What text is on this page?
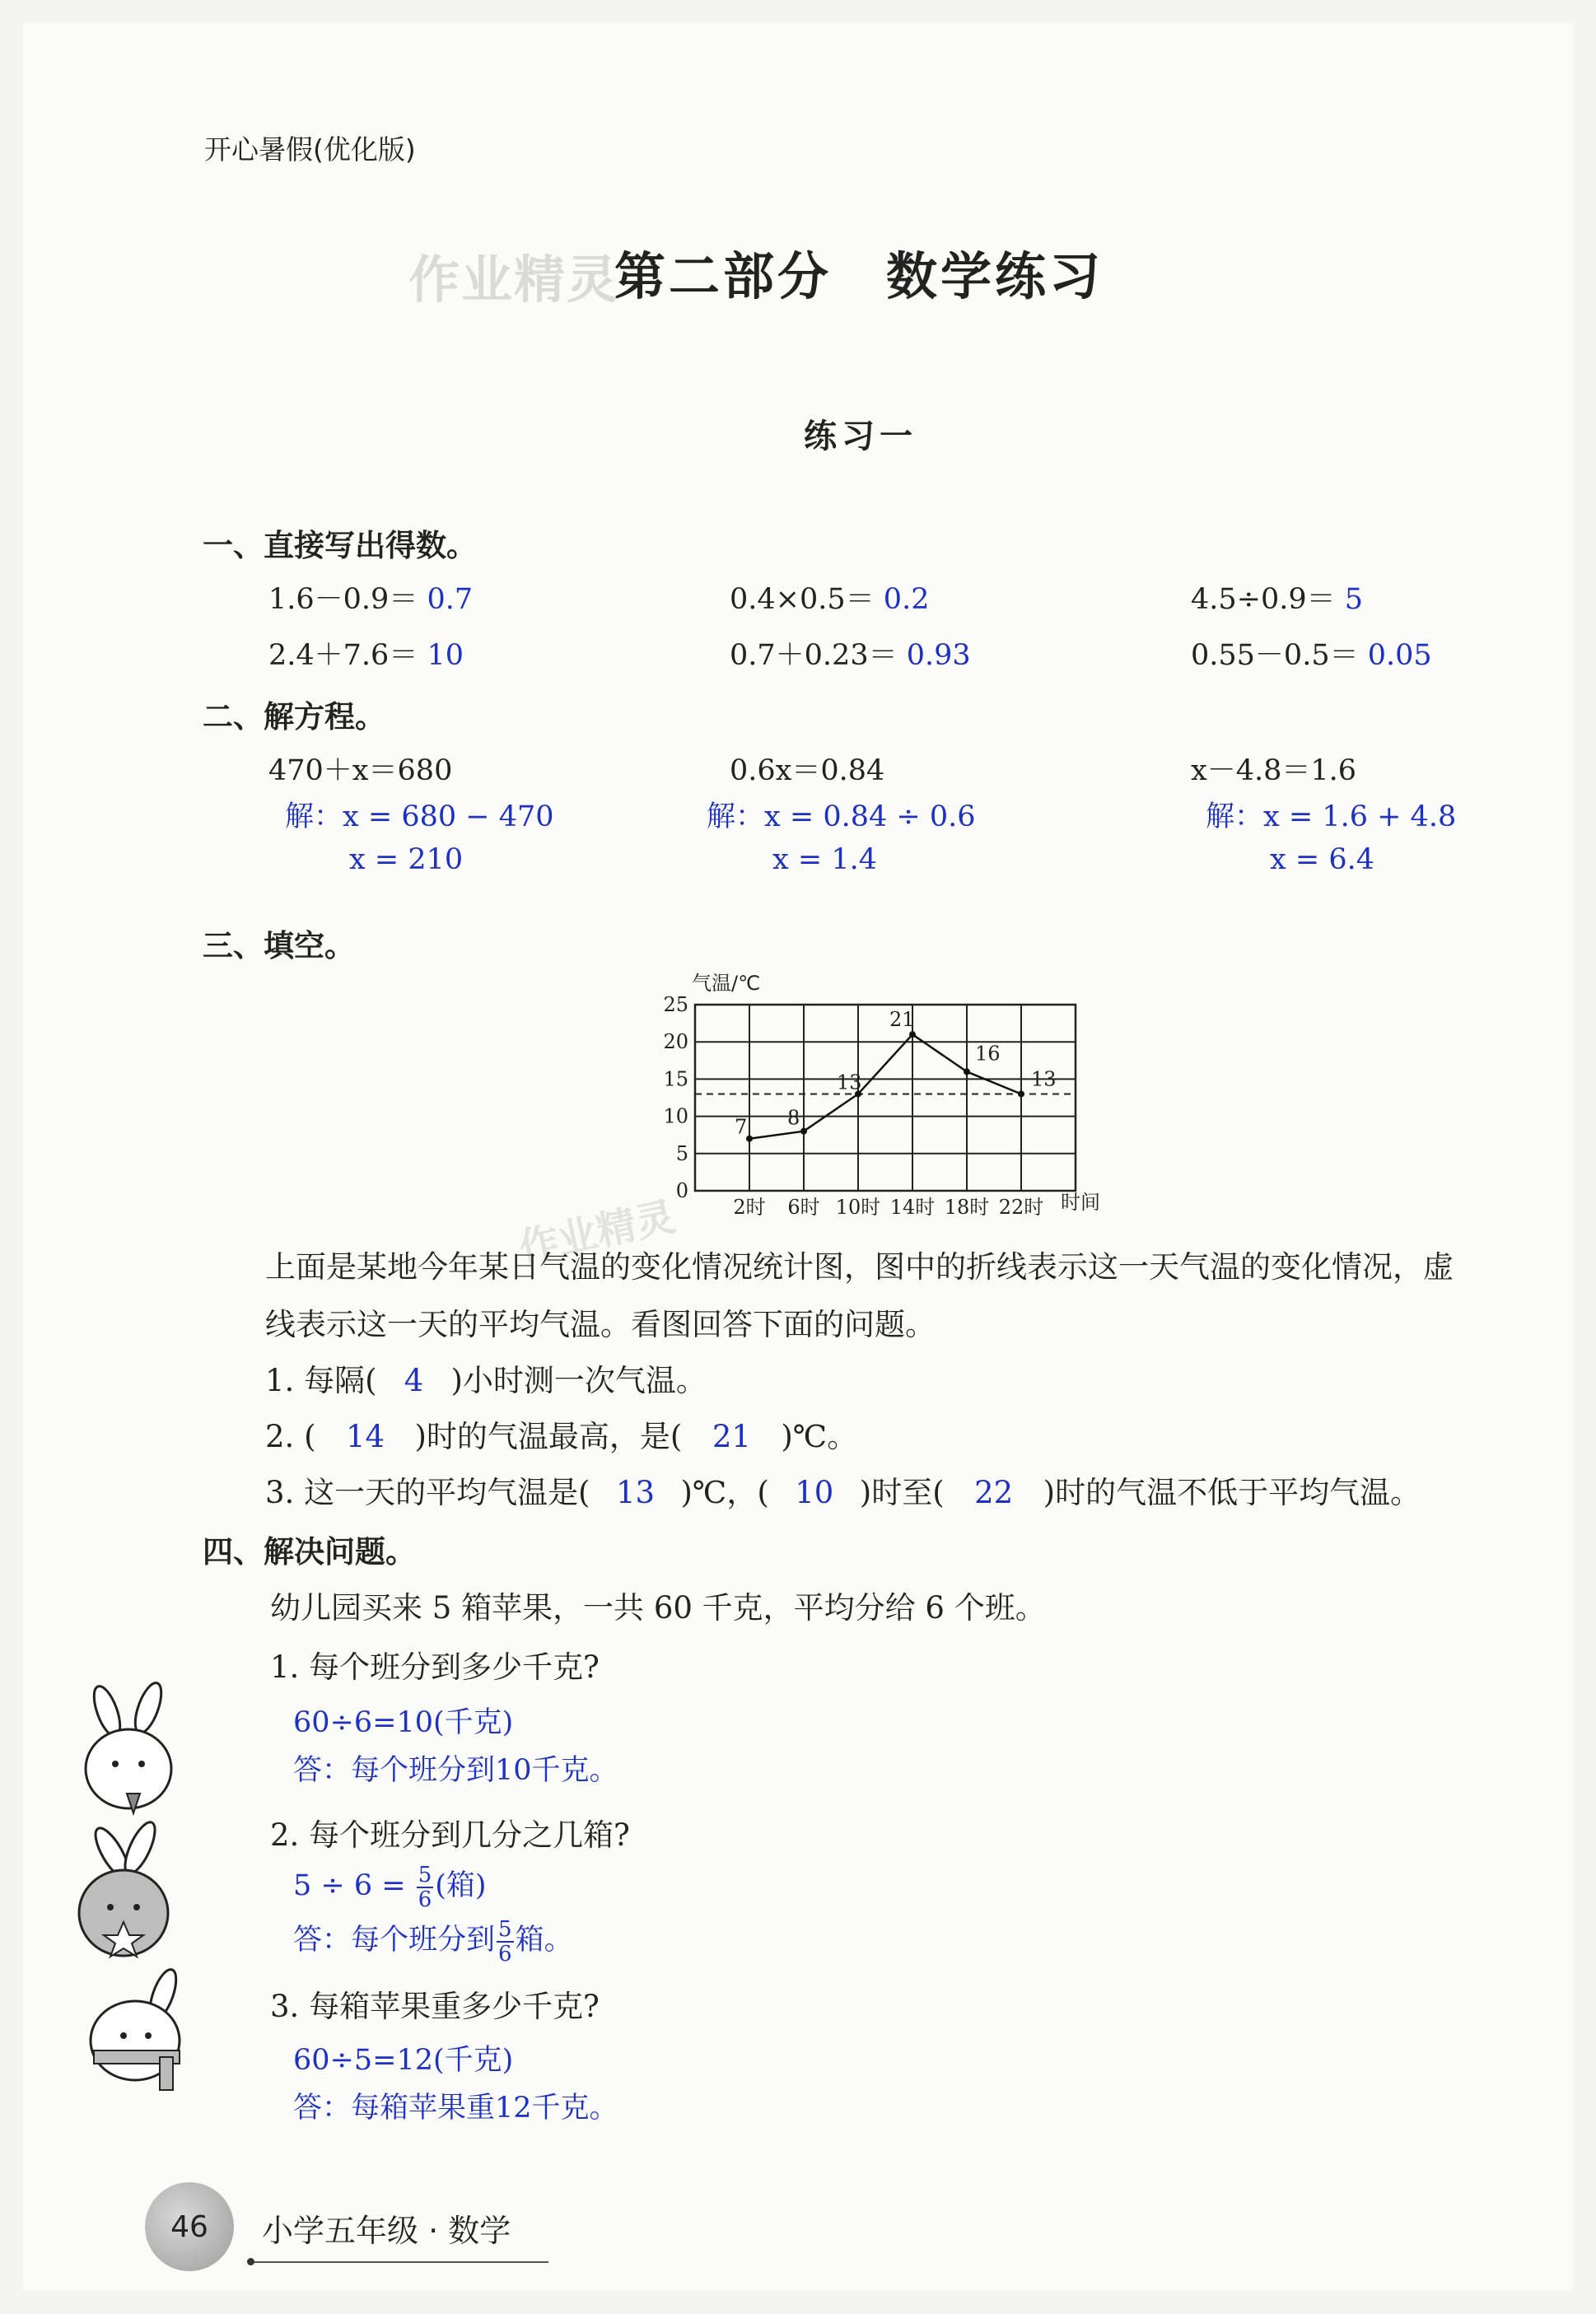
开心暑假(优化版)
作业精灵
第二部分　数学练习
练习一
一、直接写出得数。
1.6－0.9＝ 0.7	0.4×0.5＝ 0.2	4.5÷0.9＝ 5
2.4＋7.6＝ 10	0.7＋0.23＝ 0.93	0.55－0.5＝ 0.05
二、解方程。
470＋x＝680
解：x = 680 − 470
x = 210
0.6x＝0.84
解：x = 0.84 ÷ 0.6
x = 1.4
x－4.8＝1.6
解：x = 1.6 + 4.8
x = 6.4
三、填空。
气温/℃
7 8
13
21
16
13
0
5
10
15
20
25
2时 6时 10时 14时 18时 22时 时间
作业精灵
上面是某地今年某日气温的变化情况统计图，图中的折线表示这一天气温的变化情况，虚
线表示这一天的平均气温。看图回答下面的问题。
1. 每隔( 4 )小时测一次气温。
2. ( 14 )时的气温最高，是( 21 )℃。
3. 这一天的平均气温是( 13 )℃，( 10 )时至( 22 )时的气温不低于平均气温。
四、解决问题。
幼儿园买来 5 箱苹果，一共 60 千克，平均分给 6 个班。
1. 每个班分到多少千克?
60÷6=10(千克)
答：每个班分到10千克。
2. 每个班分到几分之几箱?
$5 \div 6 = \frac{5}{6}$ (箱)
答：每个班分到 $\frac{5}{6}$ 箱。
3. 每箱苹果重多少千克?
60÷5=12(千克)
答：每箱苹果重12千克。
46	小学五年级 · 数学
